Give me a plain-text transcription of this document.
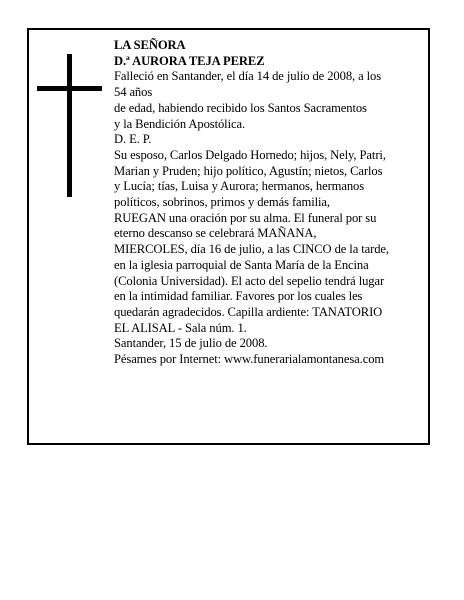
LA SEÑORA
D.ª AURORA TEJA PEREZ
Falleció en Santander, el día 14 de julio de 2008, a los
54 años
de edad, habiendo recibido los Santos Sacramentos
y la Bendición Apostólica.
D. E. P.
Su esposo, Carlos Delgado Hornedo; hijos, Nely, Patri,
Marian y Pruden; hijo político, Agustín; nietos, Carlos
y Lucía; tías, Luisa y Aurora; hermanos, hermanos
políticos, sobrinos, primos y demás familia,
RUEGAN una oración por su alma. El funeral por su
eterno descanso se celebrará MAÑANA,
MIERCOLES, día 16 de julio, a las CINCO de la tarde,
en la iglesia parroquial de Santa María de la Encina
(Colonia Universidad). El acto del sepelio tendrá lugar
en la intimidad familiar. Favores por los cuales les
quedarán agradecidos. Capilla ardiente: TANATORIO
EL ALISAL - Sala núm. 1.
Santander, 15 de julio de 2008.
Pésames por Internet: www.funerarialamontanesa.com
